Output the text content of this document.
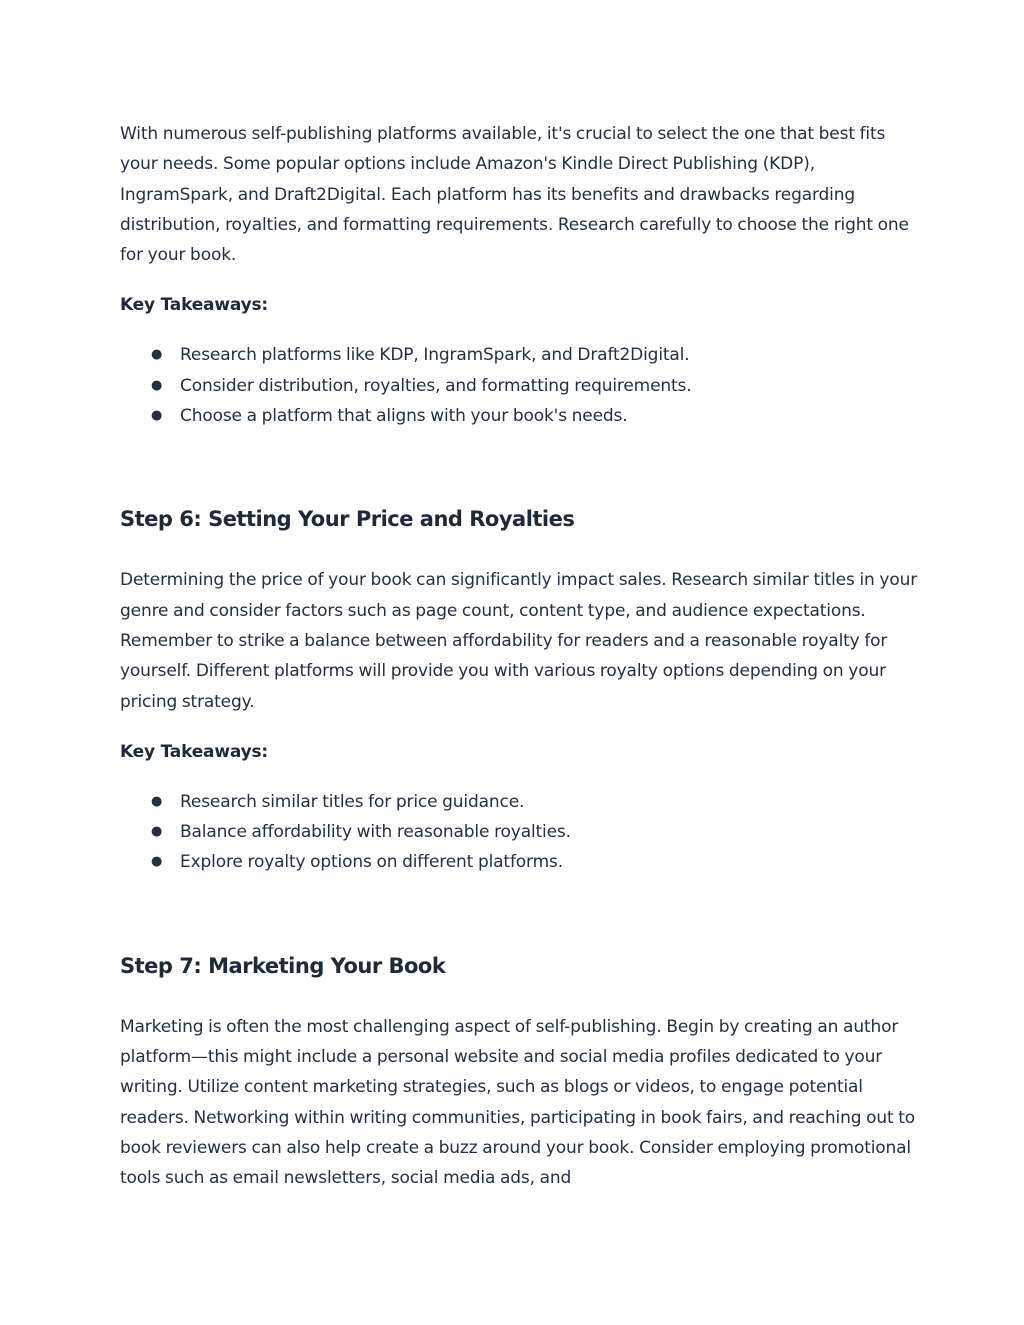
With numerous self-publishing platforms available, it's crucial to select the one that best fits your needs. Some popular options include Amazon's Kindle Direct Publishing (KDP), IngramSpark, and Draft2Digital. Each platform has its benefits and drawbacks regarding distribution, royalties, and formatting requirements. Research carefully to choose the right one for your book.

Key Takeaways:

● Research platforms like KDP, IngramSpark, and Draft2Digital.
● Consider distribution, royalties, and formatting requirements.
● Choose a platform that aligns with your book's needs.
Step 6: Setting Your Price and Royalties

Determining the price of your book can significantly impact sales. Research similar titles in your genre and consider factors such as page count, content type, and audience expectations. Remember to strike a balance between affordability for readers and a reasonable royalty for yourself. Different platforms will provide you with various royalty options depending on your pricing strategy.

Key Takeaways:

● Research similar titles for price guidance.
● Balance affordability with reasonable royalties.
● Explore royalty options on different platforms.
Step 7: Marketing Your Book

Marketing is often the most challenging aspect of self-publishing. Begin by creating an author platform—this might include a personal website and social media profiles dedicated to your writing. Utilize content marketing strategies, such as blogs or videos, to engage potential readers. Networking within writing communities, participating in book fairs, and reaching out to book reviewers can also help create a buzz around your book. Consider employing promotional tools such as email newsletters, social media ads, and
